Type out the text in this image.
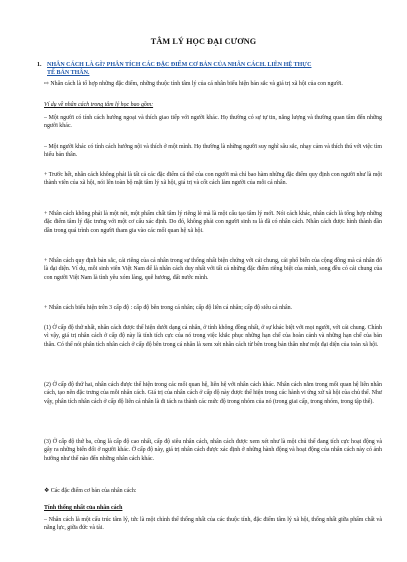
TÂM LÝ HỌC ĐẠI CƯƠNG
1. NHÂN CÁCH LÀ GÌ? PHÂN TÍCH CÁC ĐẶC ĐIỂM CƠ BẢN CỦA NHÂN CÁCH. LIÊN HỆ THỰC
TẾ BẢN THÂN.
⇨ Nhân cách là tổ hợp những đặc điểm, những thuộc tính tâm lý của cá nhân biểu hiện bản sắc và giá trị xã hội của con người.
Ví dụ về nhân cách trong tâm lý học bao gồm:
– Một người có tính cách hướng ngoại và thích giao tiếp với người khác. Họ thường có sự tự tin, năng lượng và thường quan tâm đến những người khác.
– Một người khác có tính cách hướng nội và thích ở một mình. Họ thường là những người suy nghĩ sâu sắc, nhạy cảm và thích thú với việc tìm hiểu bản thân.
+ Trước hết, nhân cách không phải là tất cả các đặc điểm cá thể của con người mà chỉ bao hàm những đặc điểm quy định con người như là một thành viên của xã hội, nói lên toàn bộ mặt tâm lý xã hội, giá trị và cốt cách làm người của mỗi cá nhân.
+ Nhân cách không phải là một nét, một phẩm chất tâm lý riêng lẻ mà là một cấu tạo tâm lý mới. Nói cách khác, nhân cách là tổng hợp những đặc điểm tâm lý đặc trưng với một cơ cấu xác định. Do đó, không phải con người sinh ra là đã có nhân cách. Nhân cách được hình thành dần dần trong quá trình con người tham gia vào các mối quan hệ xã hội.
+ Nhân cách quy định bản sắc, cái riêng của cá nhân trong sự thống nhất biện chứng với cái chung, cái phổ biến của cộng đồng mà cá nhân đó là đại diện. Ví dụ, mỗi sinh viên Việt Nam để là nhân cách duy nhất với tất cả những đặc điểm riêng biệt của mình, song đều có cái chung của con người Việt Nam là tình yêu xóm làng, quê hương, đất nước mình.
+ Nhân cách biểu hiện trên 3 cấp độ : cấp độ bên trong cá nhân; cấp độ liên cá nhân; cấp độ siêu cá nhân.
(1) Ở cấp độ thứ nhất, nhân cách được thể hiện dưới dạng cá nhân, ở tính không đồng nhất, ở sự khác biệt với mọi người, với cái chung. Chính vì vậy, giá trị nhân cách ở cấp độ này là tính tích cực của nó trong việc khắc phục những hạn chế của hoàn cảnh và những hạn chế của bản thân. Có thể nói phân tích nhân cách ở cấp độ bên trong cá nhân là xem xét nhân cách từ bên trong bản thân như một đại diện của toàn xã hội.
(2) Ở cấp độ thứ hai, nhân cách được thể hiện trong các mối quan hệ, liên hệ với nhân cách khác. Nhân cách nằm trong mối quan hệ liên nhân cách, tạo nên đặc trưng của mỗi nhân cách. Giá trị của nhân cách ở cấp độ này được thể hiện trong các hành vi ứng xử xã hội của chủ thể. Như vậy, phân tích nhân cách ở cấp độ liên cá nhân là đi tách ra thành các mức độ trong nhóm của nó (trong giai cấp, trong nhóm, trong tập thể).
(3) Ở cấp độ thứ ba, cũng là cấp độ cao nhất, cấp độ siêu nhân cách, nhân cách được xem xét như là một chủ thể đang tích cực hoạt động và gây ra những biến đổi ở người khác. Ở cấp độ này, giá trị nhân cách được xác định ở những hành động và hoạt động của nhân cách này có ảnh hưởng như thế nào đến những nhân cách khác.
❖ Các đặc điểm cơ bản của nhân cách:
Tính thống nhất của nhân cách
– Nhân cách là một cấu trúc tâm lý, tức là một chỉnh thể thống nhất của các thuộc tính, đặc điểm tâm lý xã hội, thống nhất giữa phẩm chất và năng lực, giữa đức và tài.
